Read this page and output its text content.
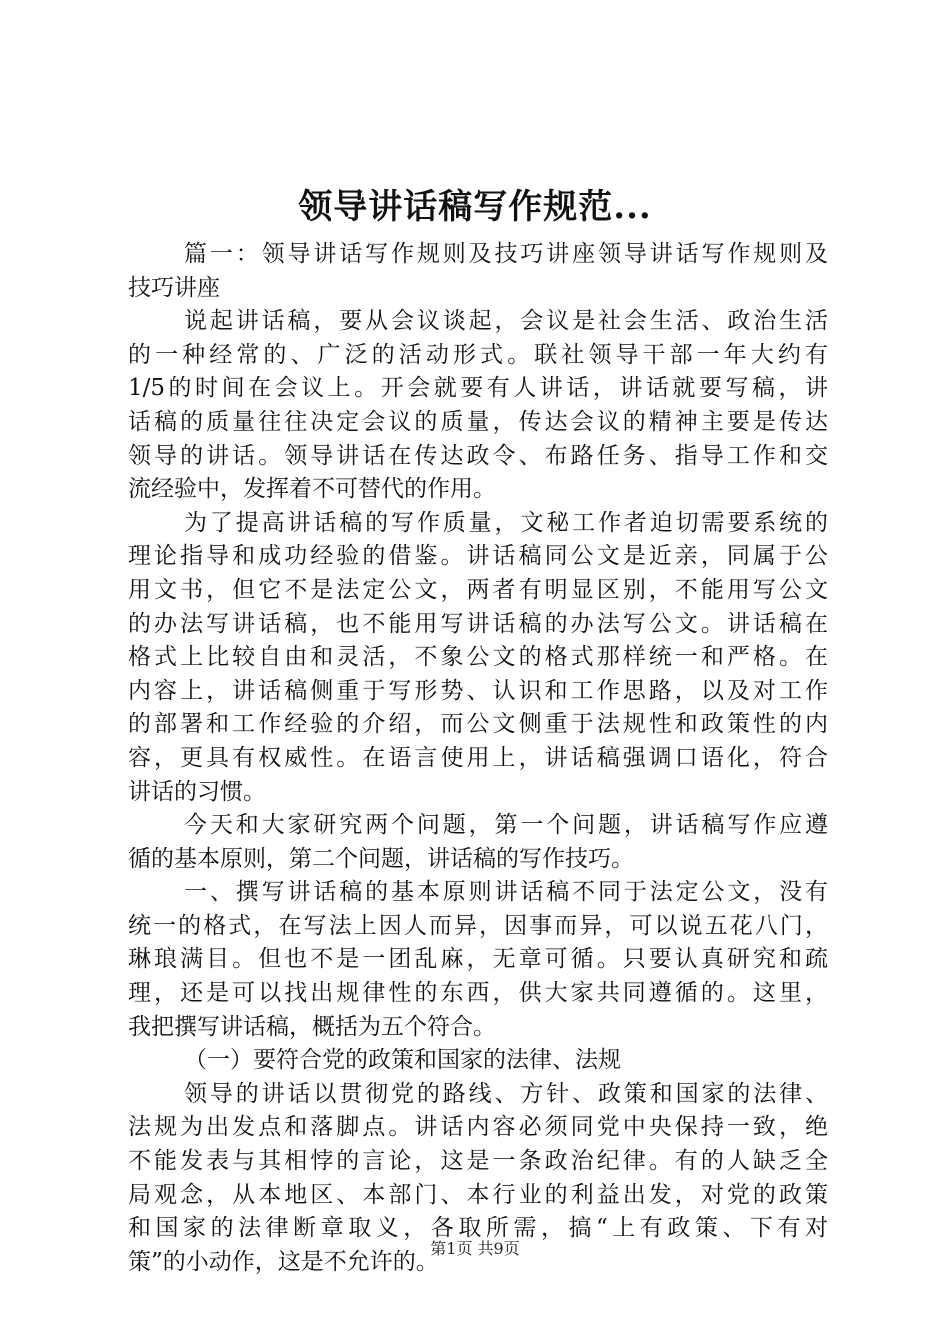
领导讲话稿写作规范...
篇一：领导讲话写作规则及技巧讲座领导讲话写作规则及
技巧讲座
说起讲话稿，要从会议谈起，会议是社会生活、政治生活
的一种经常的、广泛的活动形式。联社领导干部一年大约有
1/5的时间在会议上。开会就要有人讲话，讲话就要写稿，讲
话稿的质量往往决定会议的质量，传达会议的精神主要是传达
领导的讲话。领导讲话在传达政令、布路任务、指导工作和交
流经验中，发挥着不可替代的作用。
为了提高讲话稿的写作质量，文秘工作者迫切需要系统的
理论指导和成功经验的借鉴。讲话稿同公文是近亲，同属于公
用文书，但它不是法定公文，两者有明显区别，不能用写公文
的办法写讲话稿，也不能用写讲话稿的办法写公文。讲话稿在
格式上比较自由和灵活，不象公文的格式那样统一和严格。在
内容上，讲话稿侧重于写形势、认识和工作思路，以及对工作
的部署和工作经验的介绍，而公文侧重于法规性和政策性的内
容，更具有权威性。在语言使用上，讲话稿强调口语化，符合
讲话的习惯。
今天和大家研究两个问题，第一个问题，讲话稿写作应遵
循的基本原则，第二个问题，讲话稿的写作技巧。
一、撰写讲话稿的基本原则讲话稿不同于法定公文，没有
统一的格式，在写法上因人而异，因事而异，可以说五花八门，
琳琅满目。但也不是一团乱麻，无章可循。只要认真研究和疏
理，还是可以找出规律性的东西，供大家共同遵循的。这里，
我把撰写讲话稿，概括为五个符合。
（一）要符合党的政策和国家的法律、法规
领导的讲话以贯彻党的路线、方针、政策和国家的法律、
法规为出发点和落脚点。讲话内容必须同党中央保持一致，绝
不能发表与其相悖的言论，这是一条政治纪律。有的人缺乏全
局观念，从本地区、本部门、本行业的利益出发，对党的政策
和国家的法律断章取义，各取所需，搞“上有政策、下有对
策”的小动作，这是不允许的。
第1页 共9页
